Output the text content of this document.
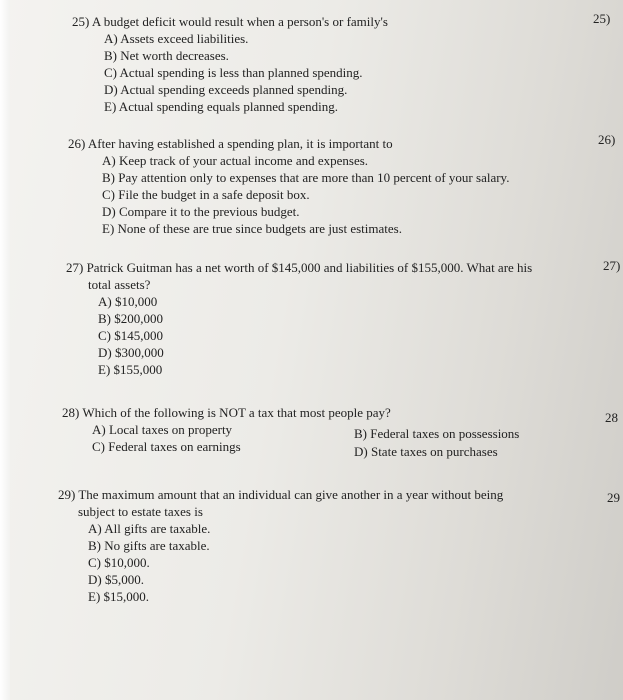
25) A budget deficit would result when a person's or family's
A) Assets exceed liabilities.
B) Net worth decreases.
C) Actual spending is less than planned spending.
D) Actual spending exceeds planned spending.
E) Actual spending equals planned spending.
26) After having established a spending plan, it is important to
A) Keep track of your actual income and expenses.
B) Pay attention only to expenses that are more than 10 percent of your salary.
C) File the budget in a safe deposit box.
D) Compare it to the previous budget.
E) None of these are true since budgets are just estimates.
27) Patrick Guitman has a net worth of $145,000 and liabilities of $155,000. What are his
total assets?
A) $10,000
B) $200,000
C) $145,000
D) $300,000
E) $155,000
28) Which of the following is NOT a tax that most people pay?
A) Local taxes on property	B) Federal taxes on possessions
C) Federal taxes on earnings	D) State taxes on purchases
29) The maximum amount that an individual can give another in a year without being
subject to estate taxes is
A) All gifts are taxable.
B) No gifts are taxable.
C) $10,000.
D) $5,000.
E) $15,000.
25)
26)
27)
28
29
